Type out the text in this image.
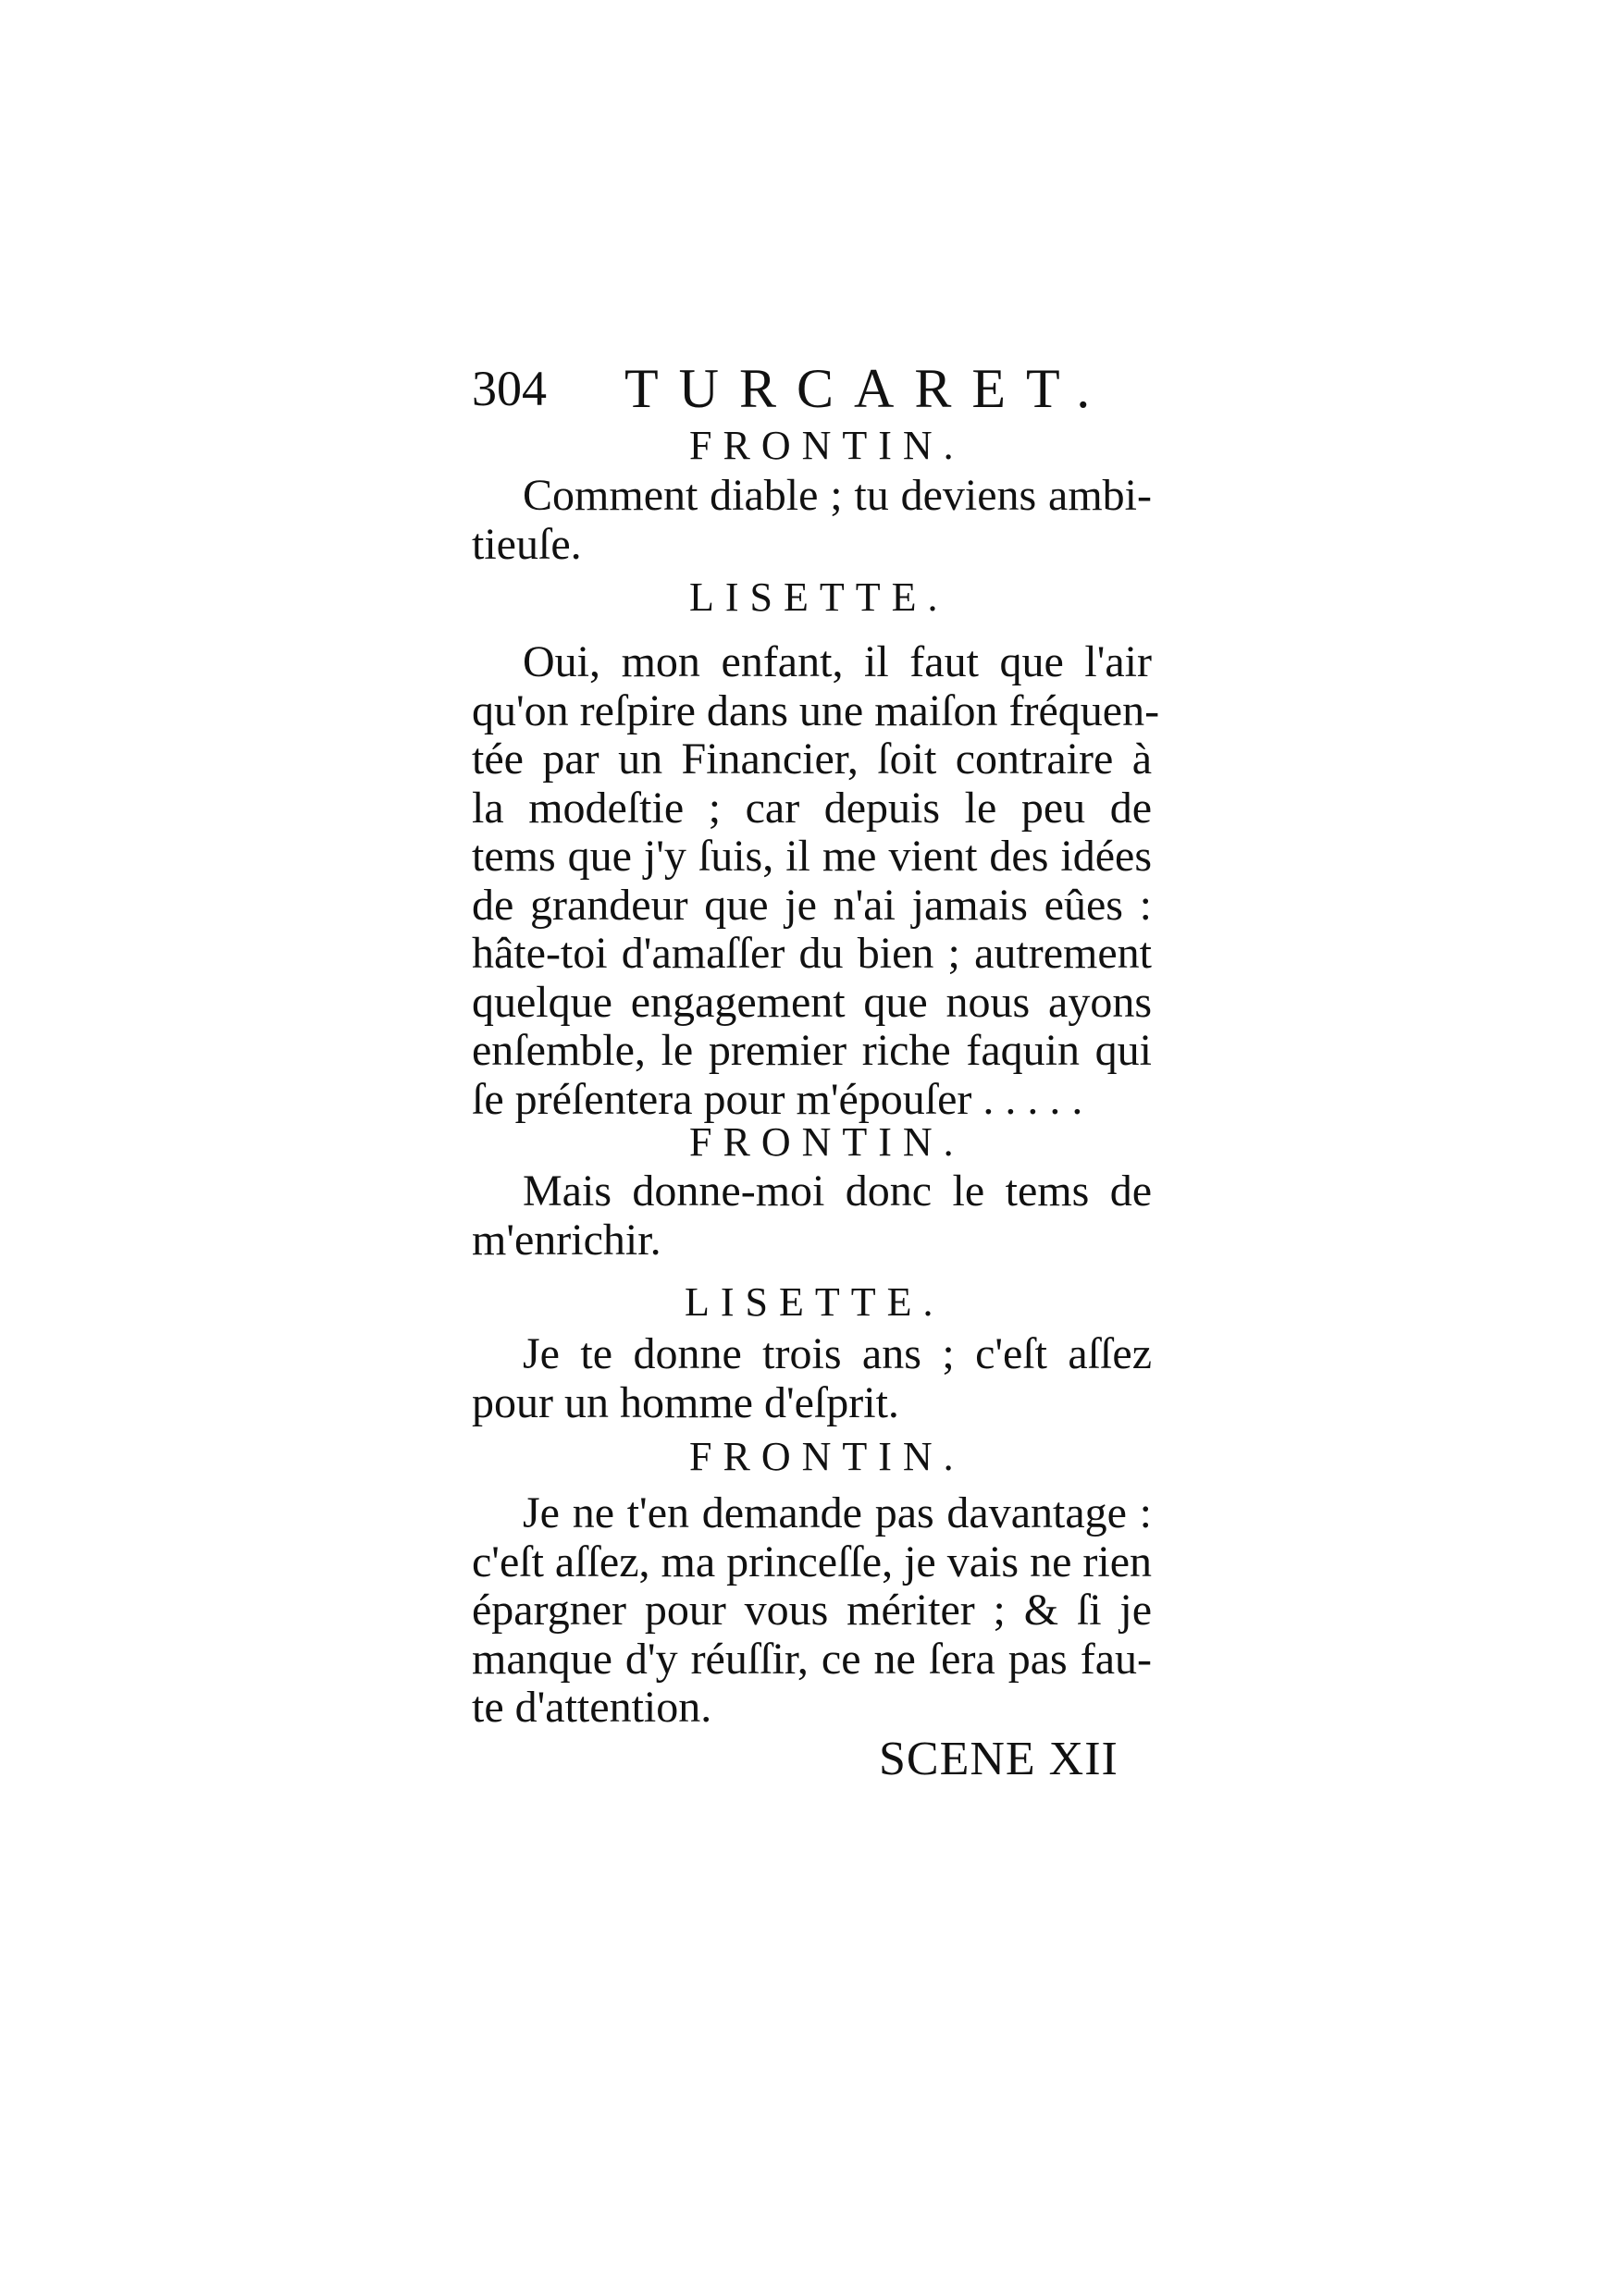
304 TURCARET.
FRONTIN.
Comment diable ; tu deviens ambi-
tieuſe.
LISETTE.
Oui, mon enfant, il faut que l'air
qu'on reſpire dans une maiſon fréquen-
tée par un Financier, ſoit contraire à
la modeſtie ; car depuis le peu de
tems que j'y ſuis, il me vient des idées
de grandeur que je n'ai jamais eûes :
hâte-toi d'amaſſer du bien ; autrement
quelque engagement que nous ayons
enſemble, le premier riche faquin qui
ſe préſentera pour m'épouſer . . . . .
FRONTIN.
Mais donne-moi donc le tems de
m'enrichir.
LISETTE.
Je te donne trois ans ; c'eſt aſſez
pour un homme d'eſprit.
FRONTIN.
Je ne t'en demande pas davantage :
c'eſt aſſez, ma princeſſe, je vais ne rien
épargner pour vous mériter ; & ſi je
manque d'y réuſſir, ce ne ſera pas fau-
te d'attention.
SCENE XII
